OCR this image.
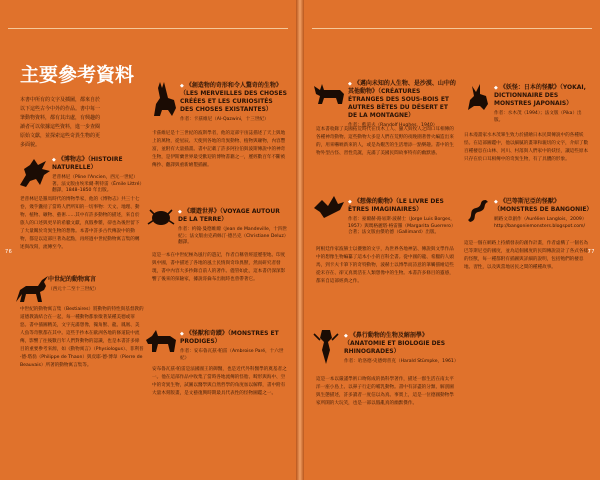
76
主要參考資料

本書中所有的文字及插圖，都來自於以下這些古今中外的作品。書中每一筆動物資料，都有其出處，有興趣的讀者可以依據這些資料，進一步查閱原始文獻，並探索這些奇異生物的更多面貌。

◆ 《博物志》（HISTOIRE NATURELLE）

老普林尼（Pline l'Ancien，西元一世紀）著。法文版由埃米爾·利特雷（Émile Littré）翻譯，1848–1850 年出版。

老普林尼是羅馬時代的博物學家，他的《博物志》共三十七卷，幾乎囊括了當時人們所知的一切事物：天文、地理、動物、植物、礦物、藝術……其中有許多動物的描述，來自於旅人的口述與更早的希臘文獻，真假參雜，卻也為後世留下了大量關於奇異生物的想像。本書中許多古代傳說中的動物，都是以這部巨著為起點，再經過中世紀動物寓言集的轉述與改寫，流傳至今。

中世紀的動物寓言

（西元十二至十三世紀）

中世紀的動物寓言集（Bestiaires）將動物的特性與基督教的道德教誨結合在一起，每一種動物都象徵著某種美德或罪惡。書中插圖精美，文字充滿想像，獨角獸、龍、鳳凰、美人魚等奇獸都在其中。這些手抄本在歐洲各地的修道院中流傳，影響了往後數百年人們對動物的認識，也是本書許多條目的重要參考來源，如《動物寓言》（Physiologus）、菲利普·德·塔翁（Philippe de Thaon）與皮耶·德·博韋（Pierre de Beauvais）所著的動物寓言集等。

◆ 《創造物的奇形和令人驚奇的生物》（LES MERVEILLES DES CHOSES CRÉÉES ET LES CURIOSITÉS DES CHOSES EXISTANTES）

作者：卡茲維尼（Al-Qazwini，十三世紀）

卡茲維尼是十三世紀的波斯學者，他的這部宇宙誌描述了天上與地上的萬物，從星辰、天使到各地的奇異動物、植物與礦物，內容豐富，並附有大量插畫。書中記載了許多阿拉伯與波斯傳說中的神奇生物，是伊斯蘭世界最受歡迎的博物書籍之一，歷經數百年不斷被傳抄、翻譯與重新繪製插圖。

◆ 《環遊世界》（VOYAGE AUTOUR DE LA TERRE）

作者：約翰·曼德維爾（Jean de Mandeville，十四世紀）；法文版由克莉絲汀·德呂克（Christiane Deluz）翻譯。

這是一本在中世紀極為風行的遊記，作者自稱曾經遊歷聖地、印度與中國，書中描述了各地的風土民情與奇珍異獸，然而研究者發現，書中內容大多抄錄自前人的著作。儘管如此，這本書仍深深影響了後來的探險家，據說哥倫布出航時也曾帶著它。

◆ 《怪獸和奇蹟》（MONSTRES ET PRODIGES）

作者：安布魯瓦茲·帕雷（Ambroise Paré，十六世紀）

安布魯瓦茲·帕雷是法國國王的御醫，也是近代外科醫學的奠基者之一。他在這部作品中收集了當時各地流傳的怪胎、畸形與海中、空中的奇異生物，試圖以醫學與自然哲學的角度加以解釋，書中附有大量木刻版畫，是文藝復興時期最具代表性的怪物圖鑑之一。

77

◆ 《邁向未知的人生物、是沙漠、山中的其他動物》（CRÉATURES ÉTRANGES DES SOUS-BOIS ET AUTRES BÊTES DU DÉSERT ET DE LA MONTAGNE）

作者：藍道夫（Randolf Hughes，1940）

這本書收錄了美國拓荒時代在伐木工人、獵人與牧人之間口耳相傳的各種神奇動物。這些動物大多是人們在荒野的夜晚圍著營火編造出來的，用來嚇唬新來的人，或是為艱苦的生活增添一點樂趣。書中的生物外型古怪、習性荒誕，充滿了美國民間故事特有的幽默感。

◆ 《想像的動物》（LE LIVRE DES ÊTRES IMAGINAIRES）

作者：豪爾赫·路易斯·波赫士（Jorge Luis Borges，1957）與瑪格麗塔·格雷羅（Margarita Guerrero）合著；法文版由傑哈德（Gallimard）出版。

阿根廷作家波赫士以優雅的文字，為世界各地神話、傳說與文學作品中的想像生物編纂了這本小小的百科全書。從中國的龍、希臘的人頭馬，到卡夫卡筆下的奇特動物，波赫士以博學而詩意的筆觸描繪這些從未存在、卻又真實活在人類想像中的生物。本書許多條目的靈感，都來自這部經典之作。

◆ 《鼻行動物的生物及解剖學》（ANATOMIE ET BIOLOGIE DES RHINOGRADES）

作者：哈洛德·史德姆普克（Harald Stümpke，1961）

這是一本以嚴謹學術口吻寫成的偽科學著作，描述一群生活在南太平洋一座小島上、以鼻子行走的哺乳動物。書中有詳盡的分類、解剖圖與生態描述，許多讀者一度信以為真。事實上，這是一位德國動物學家所開的大玩笑，也是一部以假亂真的幽默傑作。

◆ 《妖怪：日本的怪獸》（YOKAI, DICTIONNAIRE DES MONSTRES JAPONAIS）

作者：水木茂（1994）；法文版（Pika）出版。

日本漫畫家水木茂畢生致力於描繪日本民間傳說中的各種妖怪。在這部圖鑑中，他以細膩的畫筆和親切的文字，介紹了數百種棲息在山林、河川、村落與人們家中的妖怪，讓這些原本只存在於口耳相傳中的奇異生物，有了具體的形象。

◆ 《巴等斯尼亞的怪獸》（MONSTRES DE BANGONIE）

網路文章創作（Aurélien Langlois，2009）http://bangoniemonsters.blogspot.com/

這是一個在網路上持續發表的創作計畫，作者虛構了一個名為巴等斯尼亞的國度，並為這個國度的民間傳說設計了各式各樣的怪獸，每一種都附有插圖與詳細的說明，包括牠們的棲息地、習性，以及與當地居民之間的種種故事。
